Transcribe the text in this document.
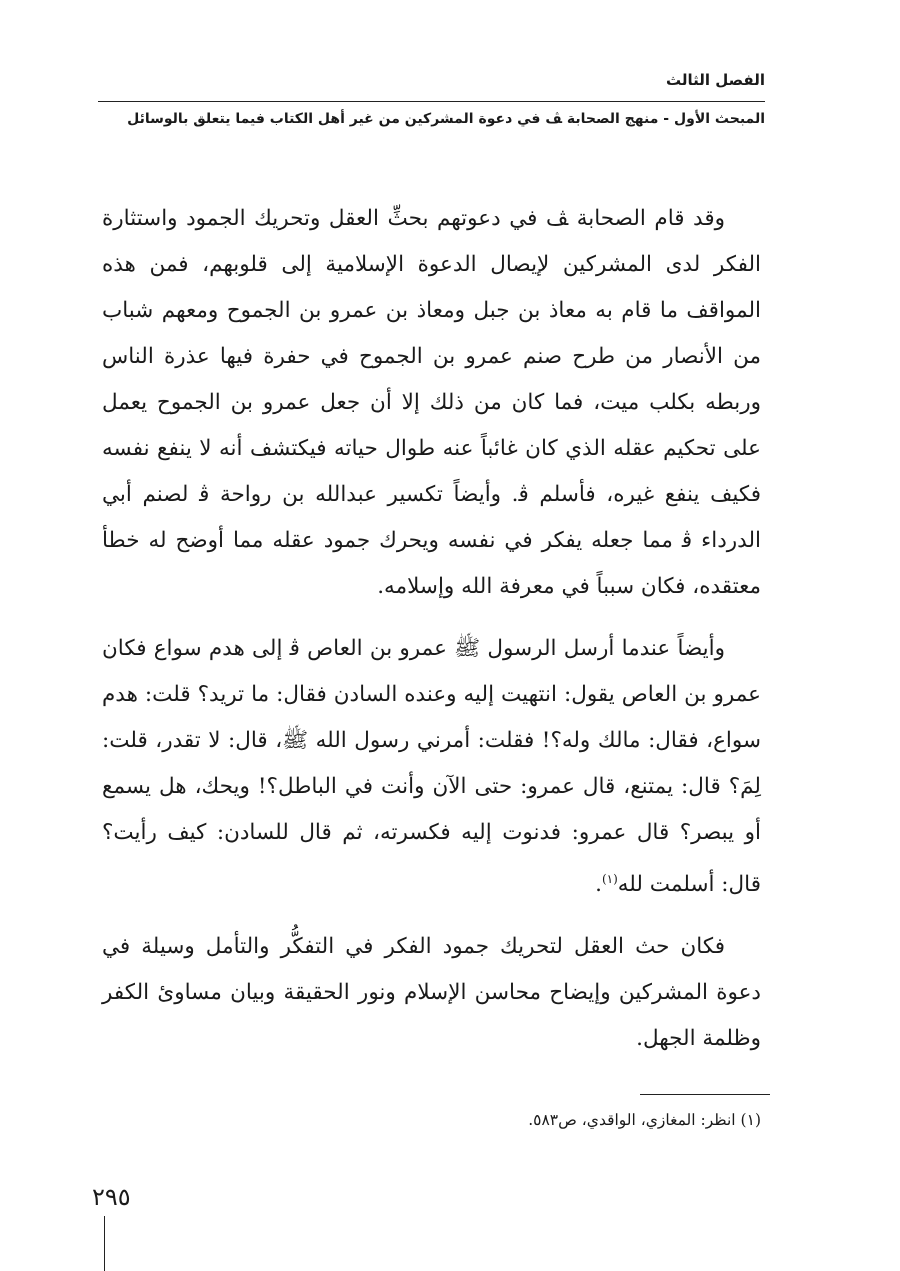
الفصل الثالث
المبحث الأول - منهج الصحابة ﭫ في دعوة المشركين من غير أهل الكتاب فيما يتعلق بالوسائل

وقد قام الصحابة ﭫ في دعوتهم بحثِّ العقل وتحريك الجمود واستثارة الفكر لدى المشركين لإيصال الدعوة الإسلامية إلى قلوبهم، فمن هذه المواقف ما قام به معاذ بن جبل ومعاذ بن عمرو بن الجموح ومعهم شباب من الأنصار من طرح صنم عمرو بن الجموح في حفرة فيها عذرة الناس وربطه بكلب ميت، فما كان من ذلك إلا أن جعل عمرو بن الجموح يعمل على تحكيم عقله الذي كان غائباً عنه طوال حياته فيكتشف أنه لا ينفع نفسه فكيف ينفع غيره، فأسلم ﭬ. وأيضاً تكسير عبدالله بن رواحة ﭬ لصنم أبي الدرداء ﭬ مما جعله يفكر في نفسه ويحرك جمود عقله مما أوضح له خطأ معتقده، فكان سبباً في معرفة الله وإسلامه.

وأيضاً عندما أرسل الرسول ﷺ عمرو بن العاص ﭬ إلى هدم سواع فكان عمرو بن العاص يقول: انتهيت إليه وعنده السادن فقال: ما تريد؟ قلت: هدم سواع، فقال: مالك وله؟! فقلت: أمرني رسول الله ﷺ، قال: لا تقدر، قلت: لِمَ؟ قال: يمتنع، قال عمرو: حتى الآن وأنت في الباطل؟! ويحك، هل يسمع أو يبصر؟ قال عمرو: فدنوت إليه فكسرته، ثم قال للسادن: كيف رأيت؟ قال: أسلمت لله$^{(١)}$.

فكان حث العقل لتحريك جمود الفكر في التفكُّر والتأمل وسيلة في دعوة المشركين وإيضاح محاسن الإسلام ونور الحقيقة وبيان مساوئ الكفر وظلمة الجهل.

(١) انظر: المغازي، الواقدي، ص٥٨٣.
٢٩٥
